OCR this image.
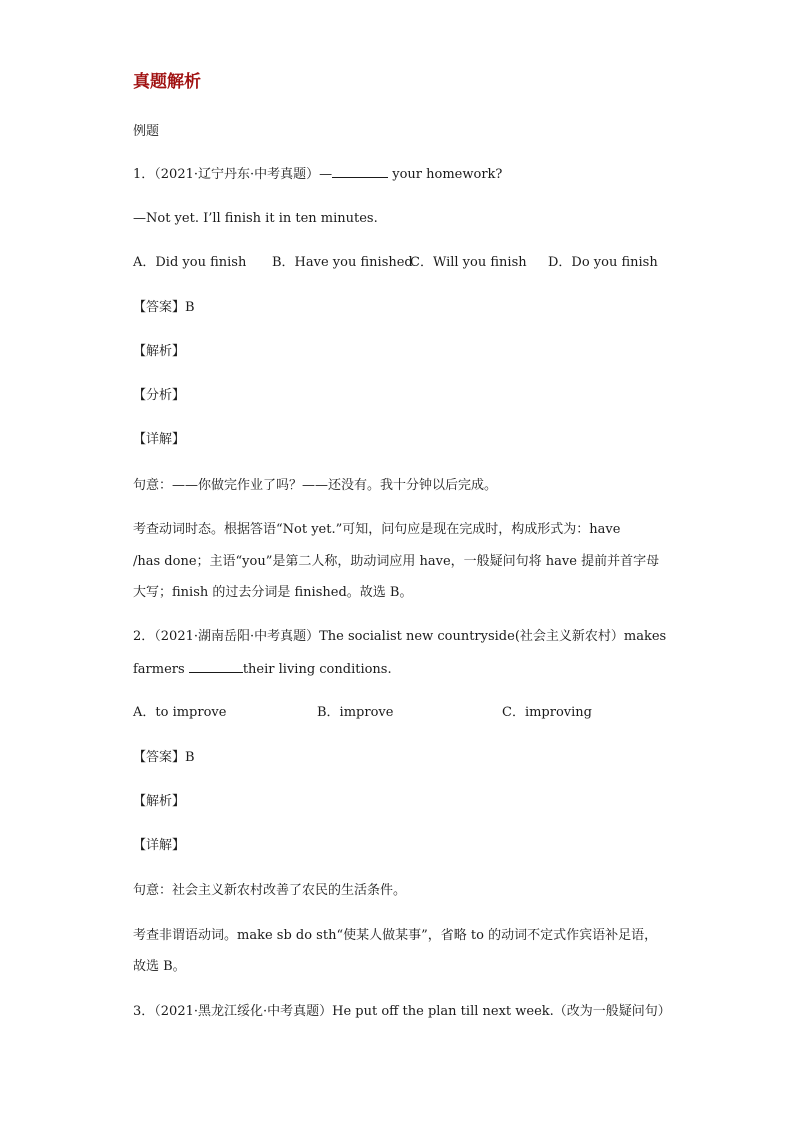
真题解析
例题
1．（2021·辽宁丹东·中考真题）—	your homework?
—Not yet. I’ll finish it in ten minutes.
A．Did you finish B．Have you finished
C．Will you finish D．Do you finish
【答案】B
【解析】
【分析】
【详解】
句意：——你做完作业了吗？——还没有。我十分钟以后完成。
考查动词时态。根据答语“Not yet.”可知，问句应是现在完成时，构成形式为：have
/has done；主语“you”是第二人称，助动词应用 have，一般疑问句将 have 提前并首字母
大写；finish 的过去分词是 finished。故选 B。
2．（2021·湖南岳阳·中考真题）The socialist new countryside(社会主义新农村）makes
farmers	their living conditions.
A．to improve	B．improve	C．improving
【答案】B
【解析】
【详解】
句意：社会主义新农村改善了农民的生活条件。
考查非谓语动词。make sb do sth“使某人做某事”，省略 to 的动词不定式作宾语补足语，
故选 B。
3．（2021·黑龙江绥化·中考真题）He put off the plan till next week.（改为一般疑问句）
